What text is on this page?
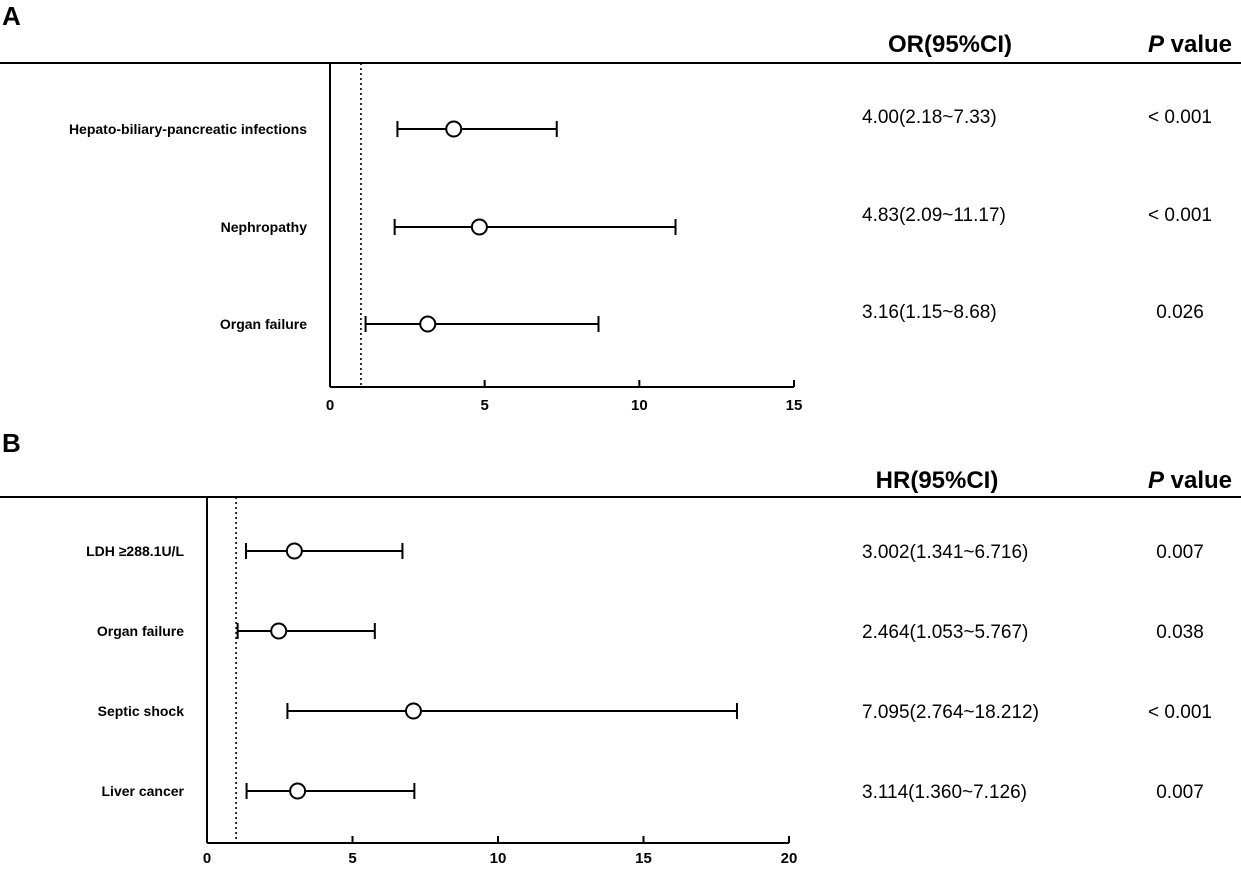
A
OR(95%CI)	P value
0	5	10	15
Hepato-biliary-pancreatic infections
4.00(2.18~7.33)	< 0.001
Nephropathy
4.83(2.09~11.17)	< 0.001
Organ failure
3.16(1.15~8.68)	0.026
B
HR(95%CI)	P value
0	5	10	15	20
LDH ≥288.1U/L	3.002(1.341~6.716)	0.007
Organ failure	2.464(1.053~5.767)	0.038
Septic shock	7.095(2.764~18.212)	< 0.001
Liver cancer	3.114(1.360~7.126)	0.007
